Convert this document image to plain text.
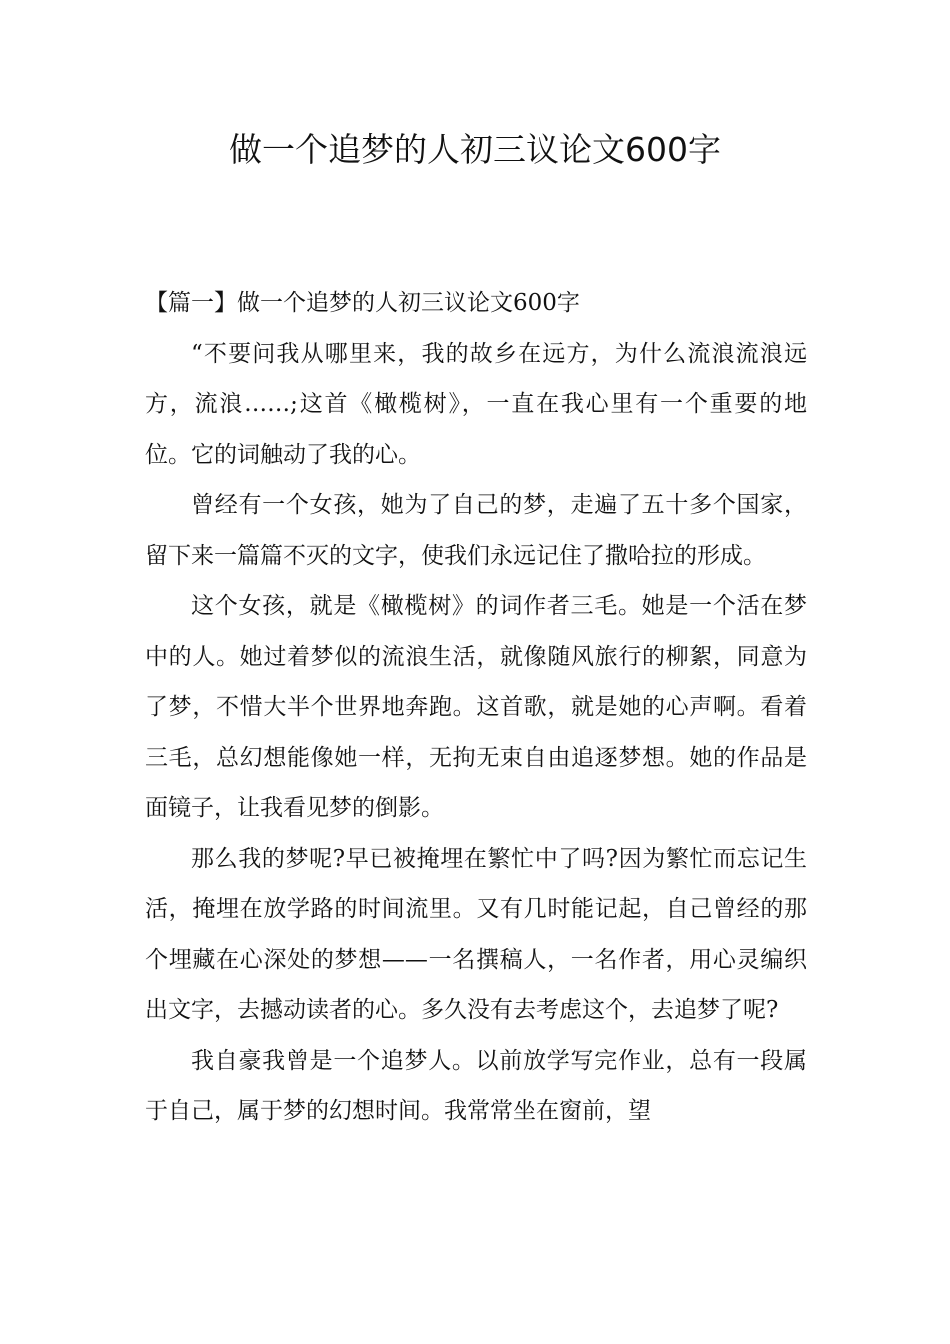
做一个追梦的人初三议论文600字
【篇一】做一个追梦的人初三议论文600字

“不要问我从哪里来，我的故乡在远方，为什么流浪流浪远方，流浪……;这首《橄榄树》，一直在我心里有一个重要的地位。它的词触动了我的心。

曾经有一个女孩，她为了自己的梦，走遍了五十多个国家，留下来一篇篇不灭的文字，使我们永远记住了撒哈拉的形成。

这个女孩，就是《橄榄树》的词作者三毛。她是一个活在梦中的人。她过着梦似的流浪生活，就像随风旅行的柳絮，同意为了梦，不惜大半个世界地奔跑。这首歌，就是她的心声啊。看着三毛，总幻想能像她一样，无拘无束自由追逐梦想。她的作品是面镜子，让我看见梦的倒影。

那么我的梦呢?早已被掩埋在繁忙中了吗?因为繁忙而忘记生活，掩埋在放学路的时间流里。又有几时能记起，自己曾经的那个埋藏在心深处的梦想——一名撰稿人，一名作者，用心灵编织出文字，去撼动读者的心。多久没有去考虑这个，去追梦了呢?

我自豪我曾是一个追梦人。以前放学写完作业，总有一段属于自己，属于梦的幻想时间。我常常坐在窗前，望
